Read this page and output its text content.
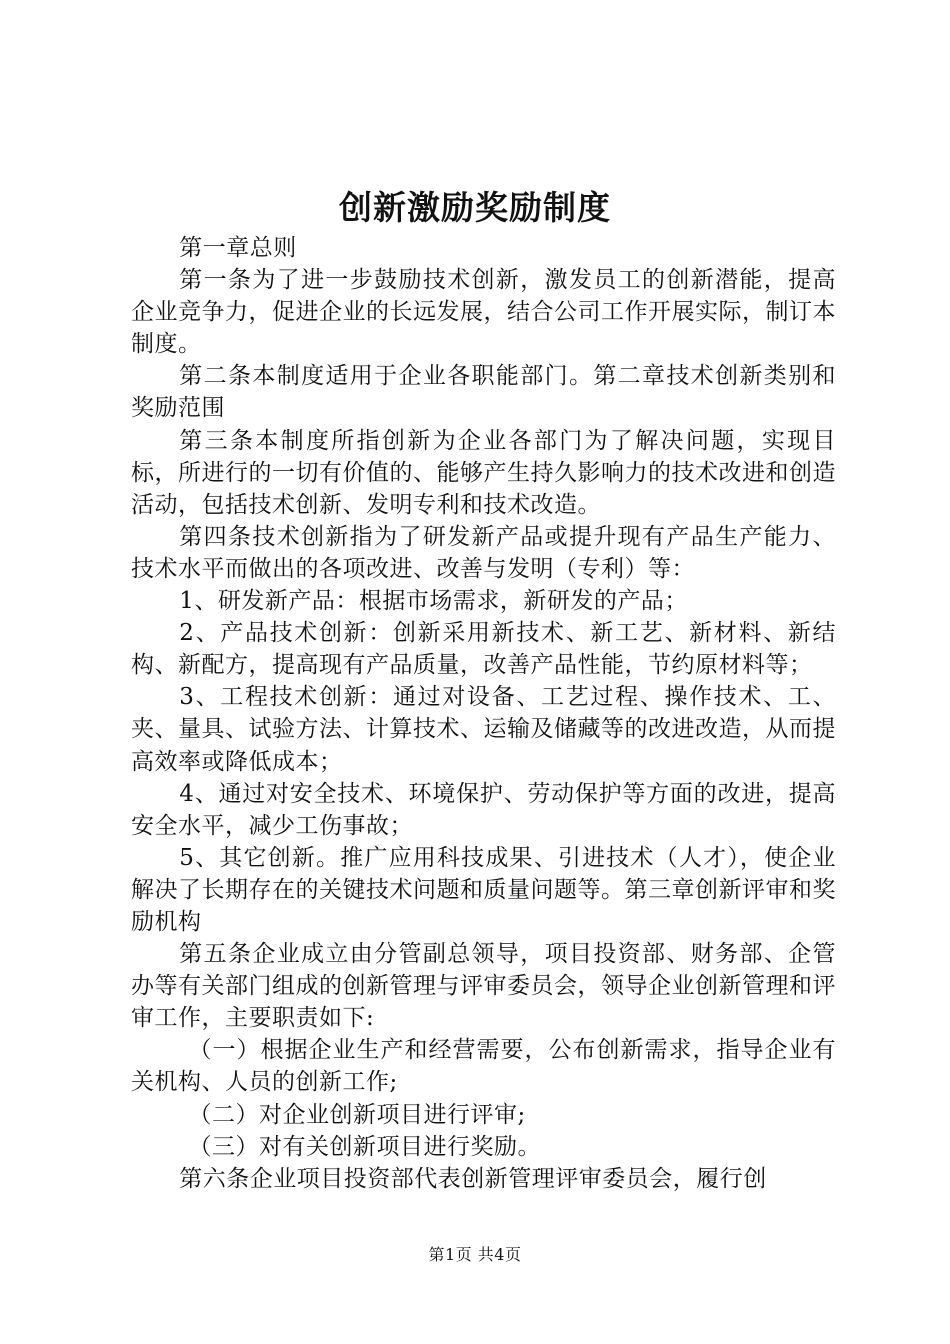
创新激励奖励制度

第一章总则

第一条为了进一步鼓励技术创新，激发员工的创新潜能，提高企业竞争力，促进企业的长远发展，结合公司工作开展实际，制订本制度。

第二条本制度适用于企业各职能部门。第二章技术创新类别和奖励范围

第三条本制度所指创新为企业各部门为了解决问题，实现目标，所进行的一切有价值的、能够产生持久影响力的技术改进和创造活动，包括技术创新、发明专利和技术改造。

第四条技术创新指为了研发新产品或提升现有产品生产能力、技术水平而做出的各项改进、改善与发明（专利）等：

1、研发新产品：根据市场需求，新研发的产品；

2、产品技术创新：创新采用新技术、新工艺、新材料、新结构、新配方，提高现有产品质量，改善产品性能，节约原材料等；

3、工程技术创新：通过对设备、工艺过程、操作技术、工、夹、量具、试验方法、计算技术、运输及储藏等的改进改造，从而提高效率或降低成本；

4、通过对安全技术、环境保护、劳动保护等方面的改进，提高安全水平，减少工伤事故；

5、其它创新。推广应用科技成果、引进技术（人才），使企业解决了长期存在的关键技术问题和质量问题等。第三章创新评审和奖励机构

第五条企业成立由分管副总领导，项目投资部、财务部、企管办等有关部门组成的创新管理与评审委员会，领导企业创新管理和评审工作，主要职责如下:

（一）根据企业生产和经营需要，公布创新需求，指导企业有关机构、人员的创新工作;

（二）对企业创新项目进行评审;

（三）对有关创新项目进行奖励。

第六条企业项目投资部代表创新管理评审委员会，履行创

第1页 共4页
